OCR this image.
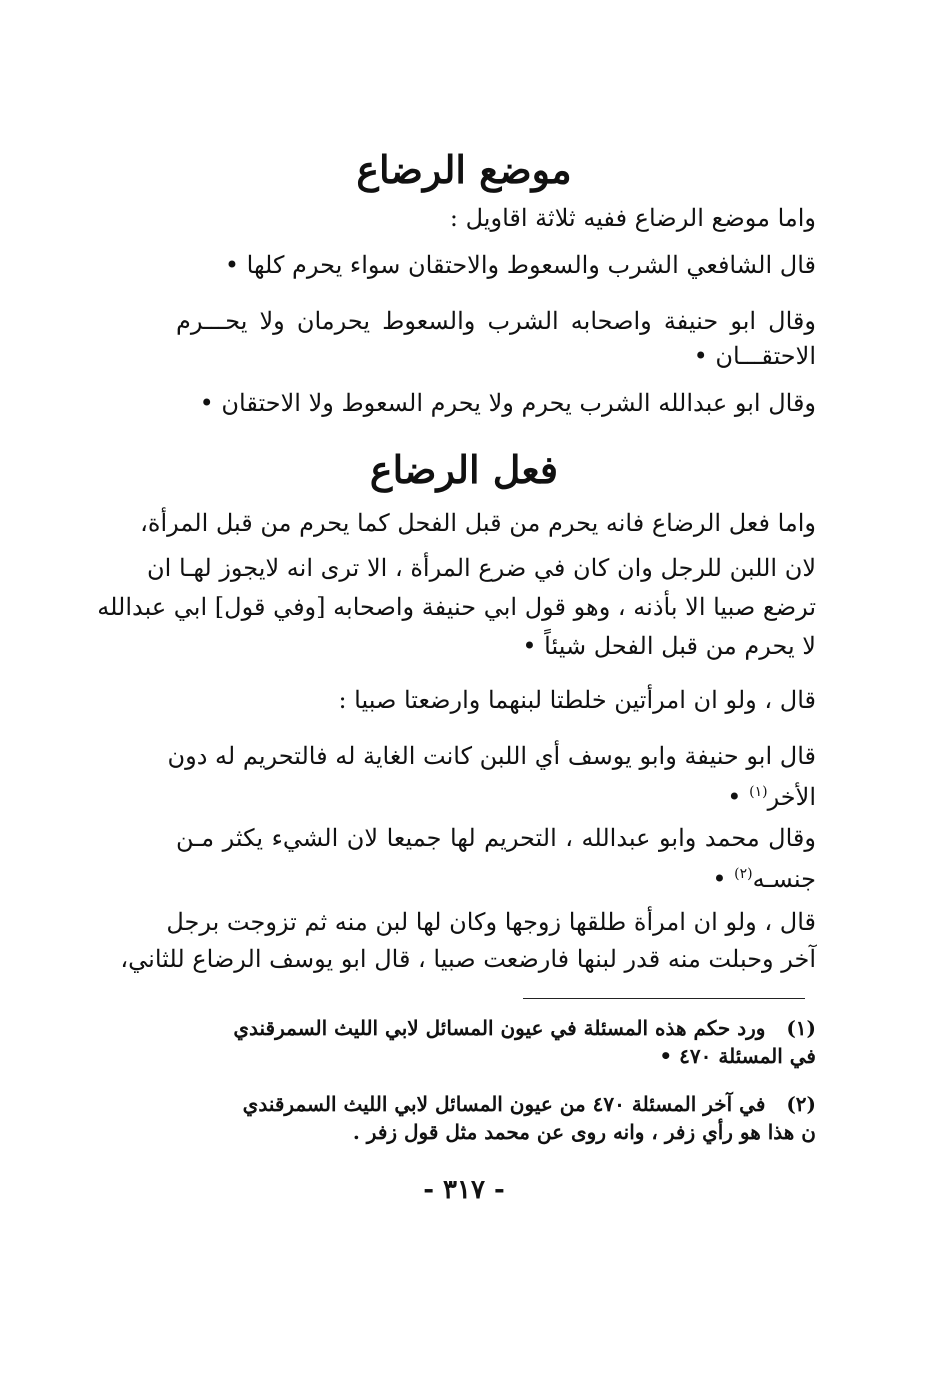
موضع الرضاع
واما موضع الرضاع ففيه ثلاثة اقاويل :
قال الشافعي الشرب والسعوط والاحتقان سواء يحرم كلها •
وقال ابو حنيفة واصحابه الشرب والسعوط يحرمان ولا يحـــرم
الاحتقـــان •
وقال ابو عبدالله الشرب يحرم ولا يحرم السعوط ولا الاحتقان •
فعل الرضاع
واما فعل الرضاع فانه يحرم من قبل الفحل كما يحرم من قبل المرأة،
لان اللبن للرجل وان كان في ضرع المرأة ، الا ترى انه لايجوز لهـا ان
ترضع صبيا الا بأذنه ، وهو قول ابي حنيفة واصحابه [وفي قول] ابي عبدالله
لا يحرم من قبل الفحل شيئاً •
قال ، ولو ان امرأتين خلطتا لبنهما وارضعتا صبيا :
قال ابو حنيفة وابو يوسف أي اللبن كانت الغاية له فالتحريم له دون
الأخر$^{(١)}$ •
وقال محمد وابو عبدالله ، التحريم لها جميعا لان الشيء يكثر مـن
جنسـه$^{(٢)}$ •
قال ، ولو ان امرأة طلقها زوجها وكان لها لبن منه ثم تزوجت برجل
آخر وحبلت منه قدر لبنها فارضعت صبيا ، قال ابو يوسف الرضاع للثاني،
(١)   ورد حكم هذه المسئلة في عيون المسائل لابي الليث السمرقندي
في المسئلة ٤٧٠ •
(٢)   في آخر المسئلة ٤٧٠ من عيون المسائل لابي الليث السمرقندي
ن هذا هو رأي زفر ، وانه روى عن محمد مثل قول زفر .
- ٣١٧ -
